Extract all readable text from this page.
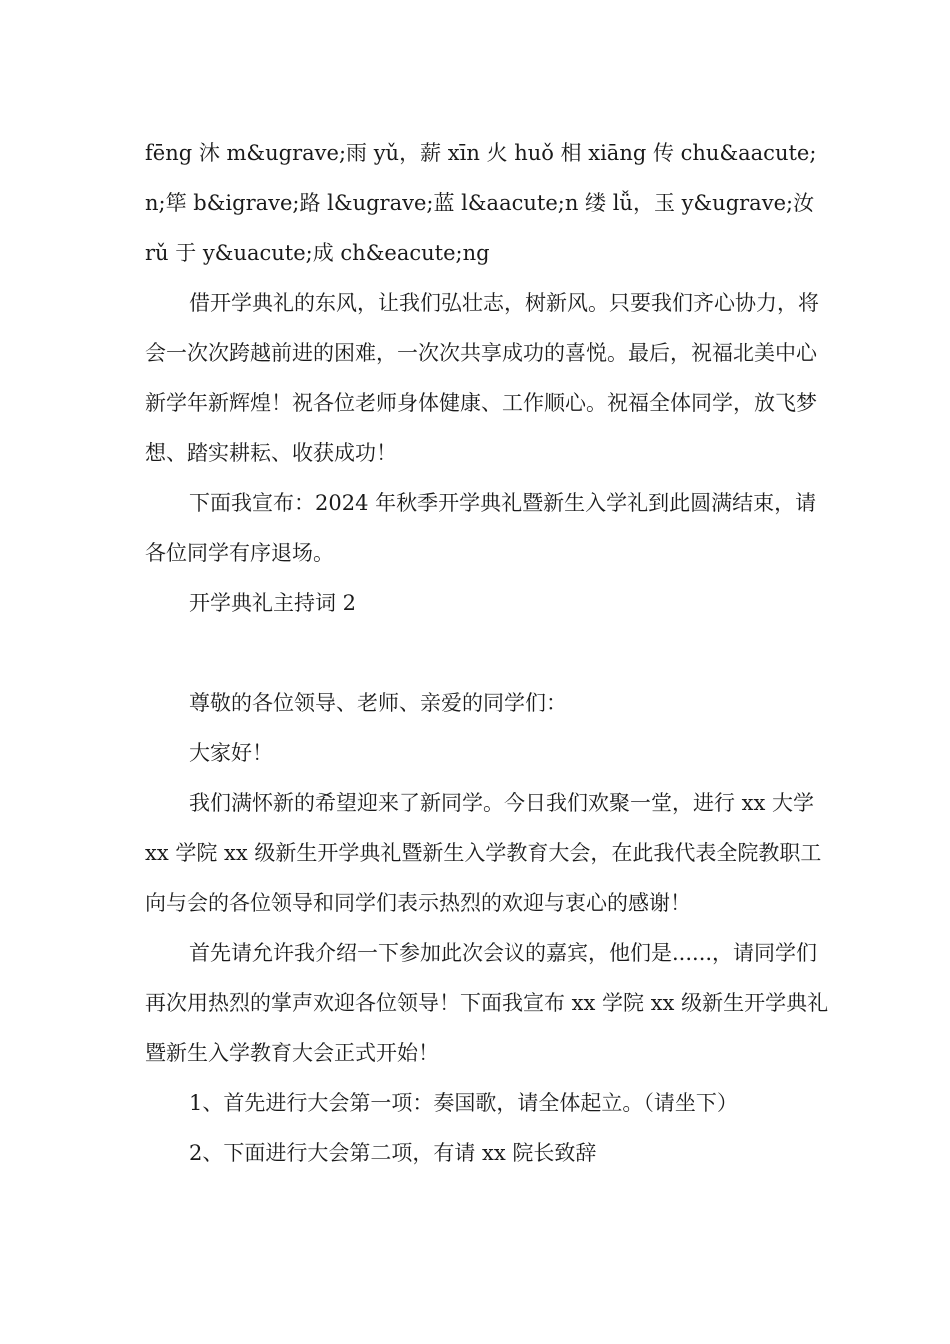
fēng 沐 m&ugrave;雨 yǔ，薪 xīn 火 huǒ 相 xiāng 传 chu&aacute;n;筚 b&igrave;路 l&ugrave;蓝 l&aacute;n 缕 lǚ，玉 y&ugrave;汝 rǔ 于 y&uacute;成 ch&eacute;ng

借开学典礼的东风，让我们弘壮志，树新风。只要我们齐心协力，将会一次次跨越前进的困难，一次次共享成功的喜悦。最后，祝福北美中心新学年新辉煌！祝各位老师身体健康、工作顺心。祝福全体同学，放飞梦想、踏实耕耘、收获成功！

下面我宣布：2024 年秋季开学典礼暨新生入学礼到此圆满结束，请各位同学有序退场。

开学典礼主持词 2

尊敬的各位领导、老师、亲爱的同学们：

大家好！

我们满怀新的希望迎来了新同学。今日我们欢聚一堂，进行 xx 大学 xx 学院 xx 级新生开学典礼暨新生入学教育大会，在此我代表全院教职工向与会的各位领导和同学们表示热烈的欢迎与衷心的感谢！

首先请允许我介绍一下参加此次会议的嘉宾，他们是......，请同学们再次用热烈的掌声欢迎各位领导！下面我宣布 xx 学院 xx 级新生开学典礼暨新生入学教育大会正式开始！

1、首先进行大会第一项：奏国歌，请全体起立。（请坐下）

2、下面进行大会第二项，有请 xx 院长致辞
